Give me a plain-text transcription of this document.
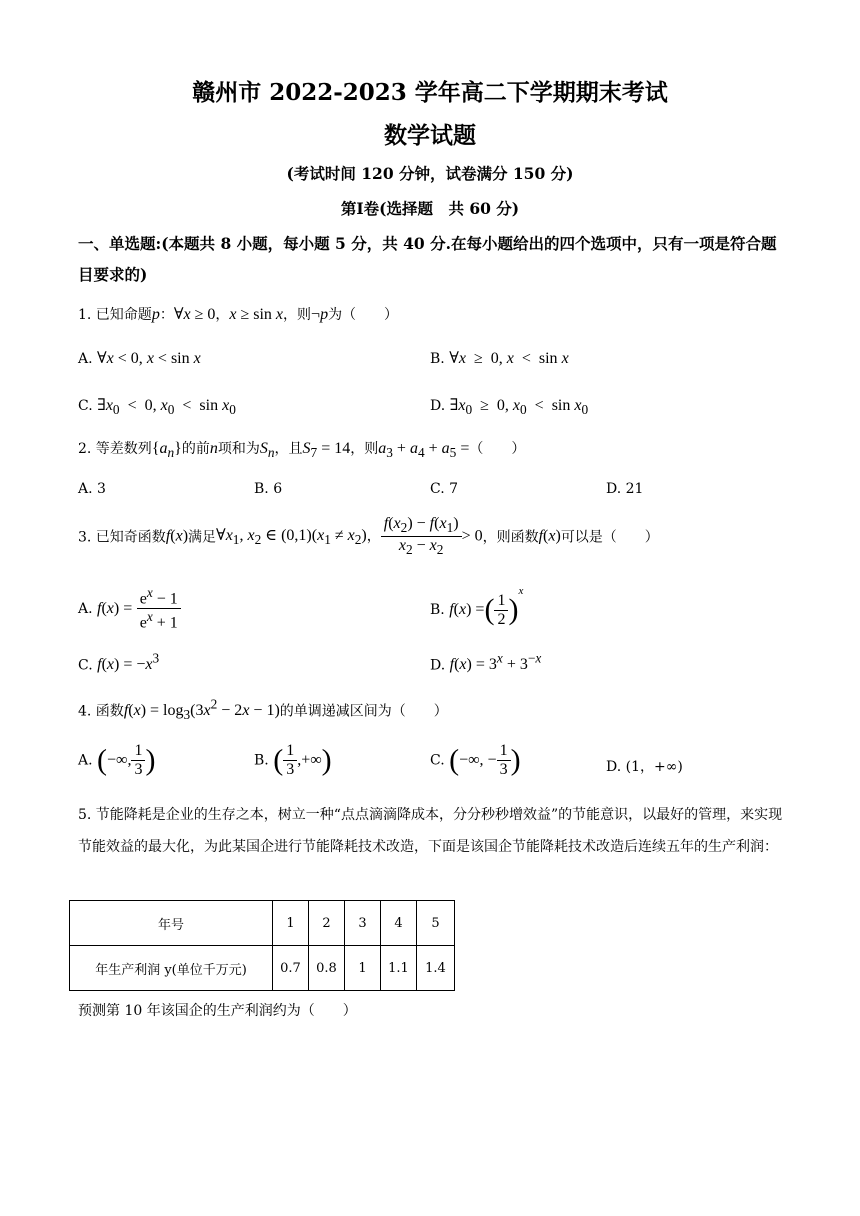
赣州市 2022-2023 学年高二下学期期末考试
数学试题
(考试时间 120 分钟，试卷满分 150 分)
第Ⅰ卷(选择题　共 60 分)
一、单选题:(本题共 8 小题，每小题 5 分，共 40 分.在每小题给出的四个选项中，只有一项是符合题目要求的)
1. 已知命题p：∀x ≥ 0，x ≥ sin x，则¬p为（　　）
A. ∀x < 0, x < sin x	B. ∀x  ≥  0, x  <  sin x
C. $\exists x_0 < 0$, $x_0 < \sin x_0$	D. $\exists x_0 \ge 0$, $x_0 < \sin x_0$
2. 等差数列$\{a_n\}$的前n项和为$S_n$，且$S_7 = 14$，则$a_3 + a_4 + a_5$ =（　　）
A. 3	B. 6	C. 7	D. 21
3. 已知奇函数f(x)满足$\forall x_1$, $x_2$ ∈ $(0,1)(x_1 \ne x_2)$， $\frac{f(x_2) - f(x_1)}{x_2 - x_2} > 0$，则函数f(x)可以是（　　）
A. $f(x) = \frac{e^x - 1}{e^x + 1}$	B. f(x) =( $\frac{1}{2} )^x$
C. $f(x) = -x^3$	D. $f(x) = 3^x + 3^{-x}$
4. 函数$f(x) = \log_3(3x^2 - 2x - 1)$的单调递减区间为（　　）
A. (−∞, $\frac{1}{3}$ )	B. ( $\frac{1}{3}$ ,+∞)	C. (−∞, − $\frac{1}{3}$ )	D. (1，+∞)
5. 节能降耗是企业的生存之本，树立一种“点点滴滴降成本，分分秒秒增效益”的节能意识，以最好的管理，来实现节能效益的最大化，为此某国企进行节能降耗技术改造，下面是该国企节能降耗技术改造后连续五年的生产利润：
年号	1	2	3	4	5
年生产利润 y(单位千万元)	0.7	0.8	1	1.1	1.4
预测第 10 年该国企的生产利润约为（　　）
